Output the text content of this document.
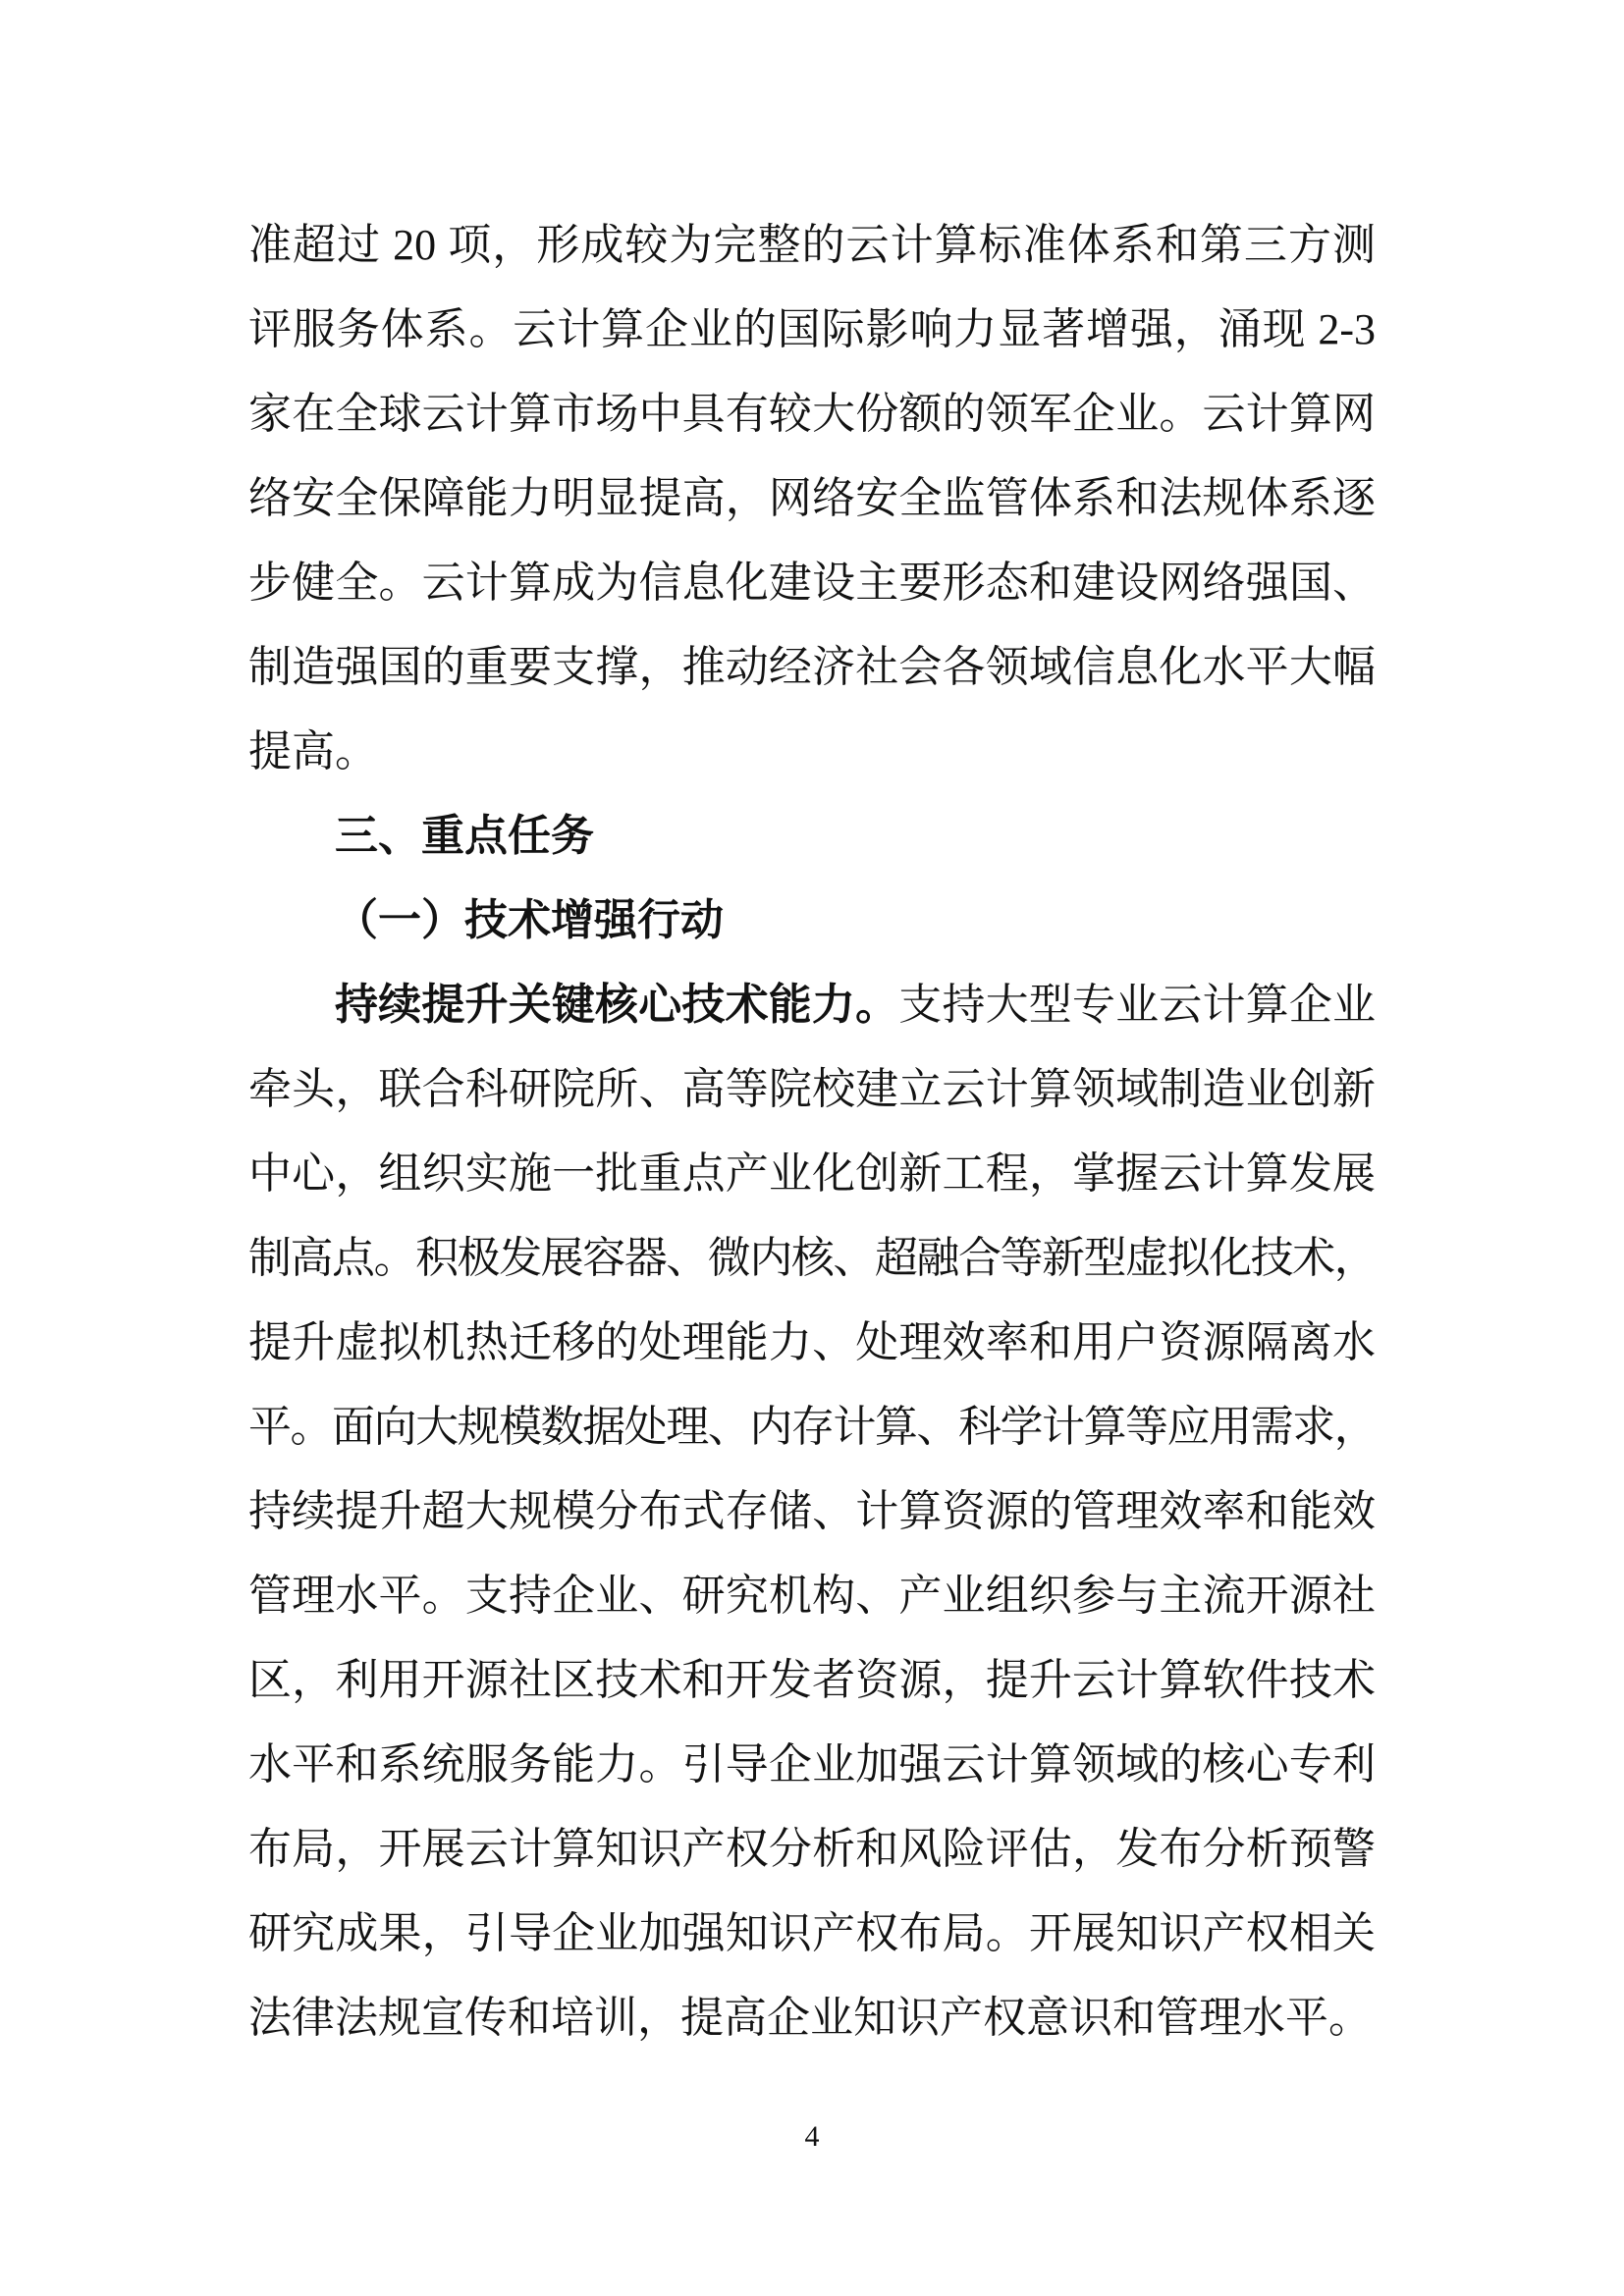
准超过 20 项，形成较为完整的云计算标准体系和第三方测
评服务体系。云计算企业的国际影响力显著增强，涌现 2-3
家在全球云计算市场中具有较大份额的领军企业。云计算网
络安全保障能力明显提高，网络安全监管体系和法规体系逐
步健全。云计算成为信息化建设主要形态和建设网络强国、
制造强国的重要支撑，推动经济社会各领域信息化水平大幅
提高。
三、重点任务
（一）技术增强行动
持续提升关键核心技术能力。支持大型专业云计算企业
牵头，联合科研院所、高等院校建立云计算领域制造业创新
中心，组织实施一批重点产业化创新工程，掌握云计算发展
制高点。积极发展容器、微内核、超融合等新型虚拟化技术，
提升虚拟机热迁移的处理能力、处理效率和用户资源隔离水
平。面向大规模数据处理、内存计算、科学计算等应用需求，
持续提升超大规模分布式存储、计算资源的管理效率和能效
管理水平。支持企业、研究机构、产业组织参与主流开源社
区，利用开源社区技术和开发者资源，提升云计算软件技术
水平和系统服务能力。引导企业加强云计算领域的核心专利
布局，开展云计算知识产权分析和风险评估，发布分析预警
研究成果，引导企业加强知识产权布局。开展知识产权相关
法律法规宣传和培训，提高企业知识产权意识和管理水平。
4
